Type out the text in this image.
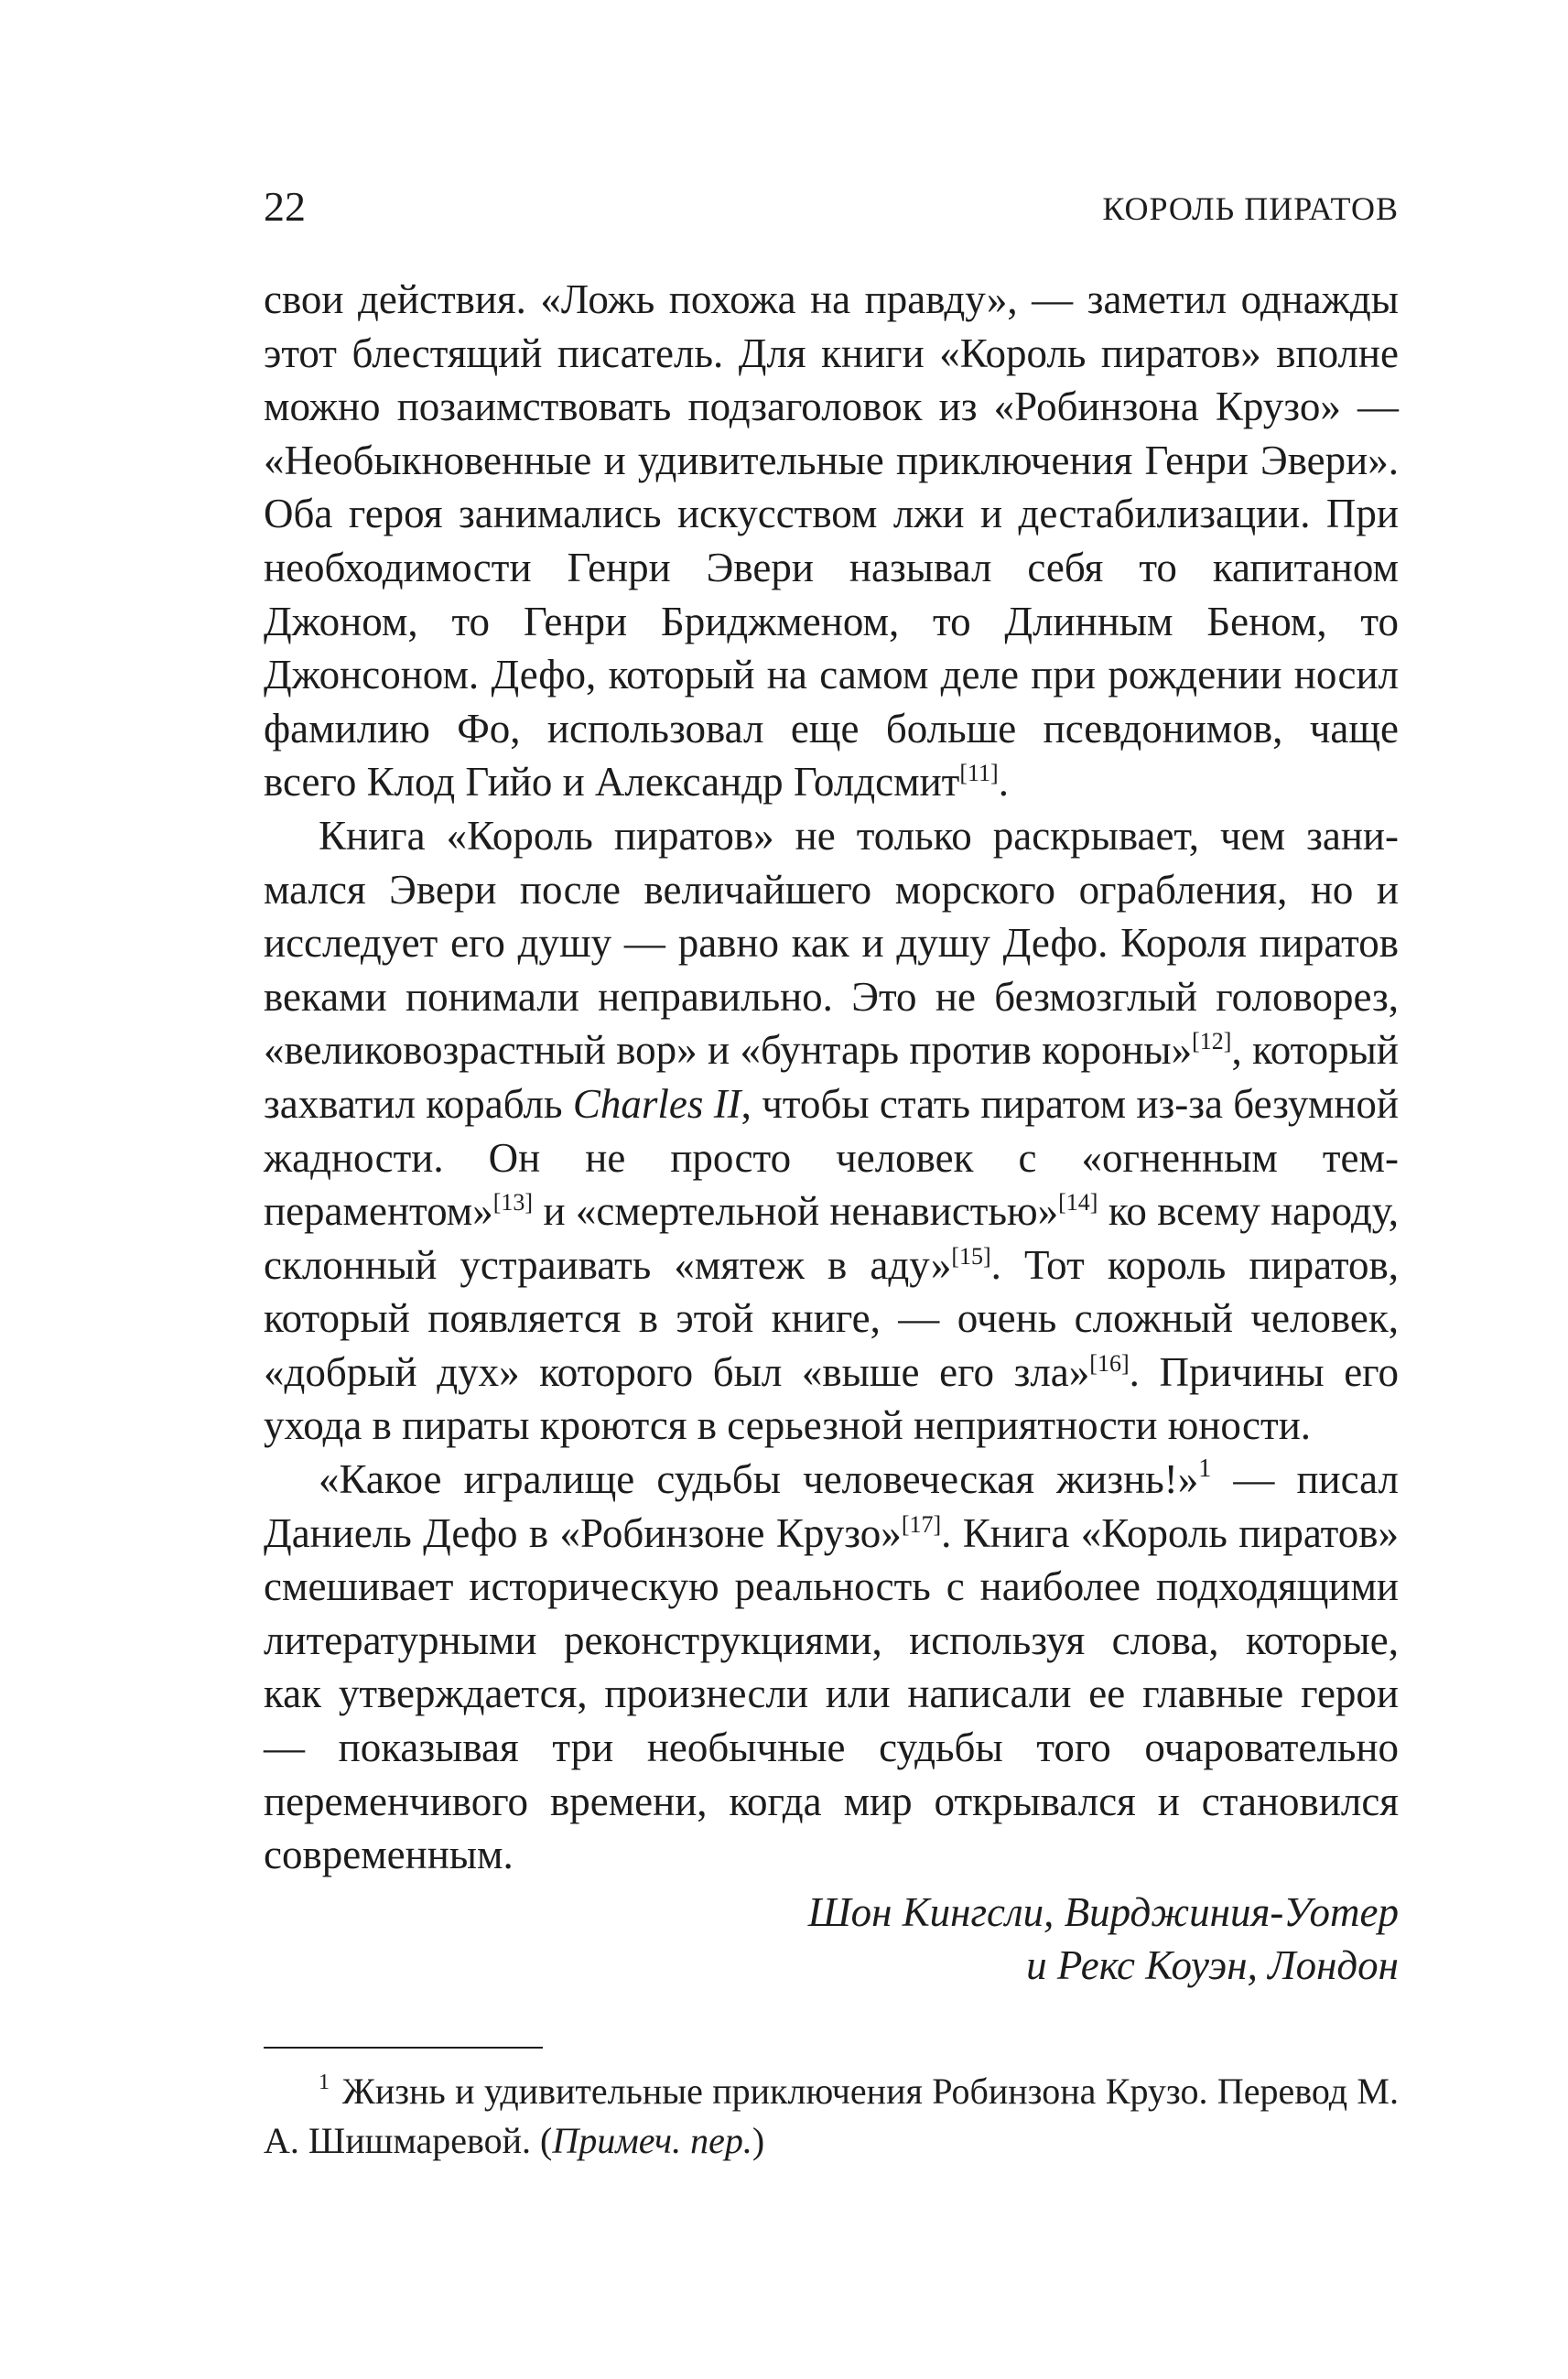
22	КОРОЛЬ ПИРАТОВ

свои действия. «Ложь похожа на правду», — заметил однажды этот блестящий писатель. Для книги «Король пиратов» вполне можно позаимствовать подзаголовок из «Робинзона Крузо» — «Необыкновенные и удивительные приключения Генри Эвери». Оба героя занимались искусством лжи и дестабилизации. При необходимости Генри Эвери называл себя то капитаном Джоном, то Генри Бриджменом, то Длинным Беном, то Джонсоном. Дефо, который на самом деле при рождении носил фамилию Фо, использовал еще больше псевдонимов, чаще всего Клод Гийо и Александр Голдсмит[11].

Книга «Король пиратов» не только раскрывает, чем занимался Эвери после величайшего морского ограбления, но и исследует его душу — равно как и душу Дефо. Короля пиратов веками понимали неправильно. Это не безмозглый головорез, «великовозрастный вор» и «бунтарь против короны»[12], который захватил корабль Charles II, чтобы стать пиратом из-за безумной жадности. Он не просто человек с «огненным темпераментом»[13] и «смертельной ненавистью»[14] ко всему народу, склонный устраивать «мятеж в аду»[15]. Тот король пиратов, который появляется в этой книге, — очень сложный человек, «добрый дух» которого был «выше его зла»[16]. Причины его ухода в пираты кроются в серьезной неприятности юности.

«Какое игралище судьбы человеческая жизнь!»$^1$ — писал Даниель Дефо в «Робинзоне Крузо»[17]. Книга «Король пиратов» смешивает историческую реальность с наиболее подходящими литературными реконструкциями, используя слова, которые, как утверждается, произнесли или написали ее главные герои — показывая три необычные судьбы того очаровательно переменчивого времени, когда мир открывался и становился современным.

Шон Кингсли, Вирджиния-Уотер
и Рекс Коуэн, Лондон
$^1$ Жизнь и удивительные приключения Робинзона Крузо. Перевод М. А. Шишмаревой. (Примеч. пер.)
